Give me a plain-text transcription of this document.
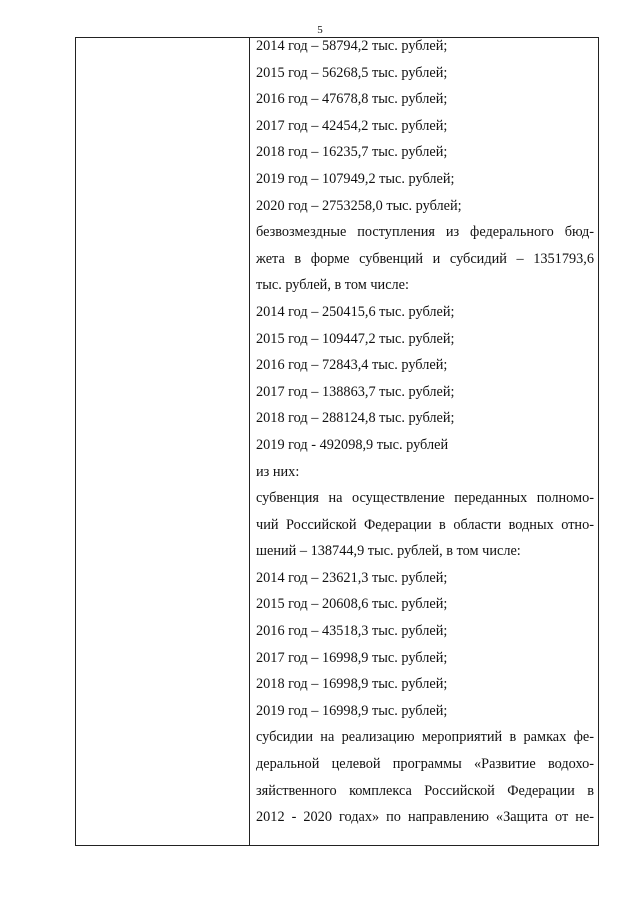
5
2014 год – 58794,2 тыс. рублей;
2015 год – 56268,5 тыс. рублей;
2016 год – 47678,8 тыс. рублей;
2017 год – 42454,2 тыс. рублей;
2018 год – 16235,7 тыс. рублей;
2019 год – 107949,2 тыс. рублей;
2020 год – 2753258,0 тыс. рублей;
безвозмездные поступления из федерального бюд-
жета в форме субвенций и субсидий – 1351793,6
тыс. рублей, в том числе:
2014 год – 250415,6 тыс. рублей;
2015 год – 109447,2 тыс. рублей;
2016 год – 72843,4 тыс. рублей;
2017 год – 138863,7 тыс. рублей;
2018 год – 288124,8 тыс. рублей;
2019 год - 492098,9 тыс. рублей
из них:
субвенция на осуществление переданных полномо-
чий Российской Федерации в области водных отно-
шений – 138744,9 тыс. рублей, в том числе:
2014 год – 23621,3 тыс. рублей;
2015 год – 20608,6 тыс. рублей;
2016 год – 43518,3 тыс. рублей;
2017 год – 16998,9 тыс. рублей;
2018 год – 16998,9 тыс. рублей;
2019 год – 16998,9 тыс. рублей;
субсидии на реализацию мероприятий в рамках фе-
деральной целевой программы «Развитие водохо-
зяйственного комплекса Российской Федерации в
2012 - 2020 годах» по направлению «Защита от не-
